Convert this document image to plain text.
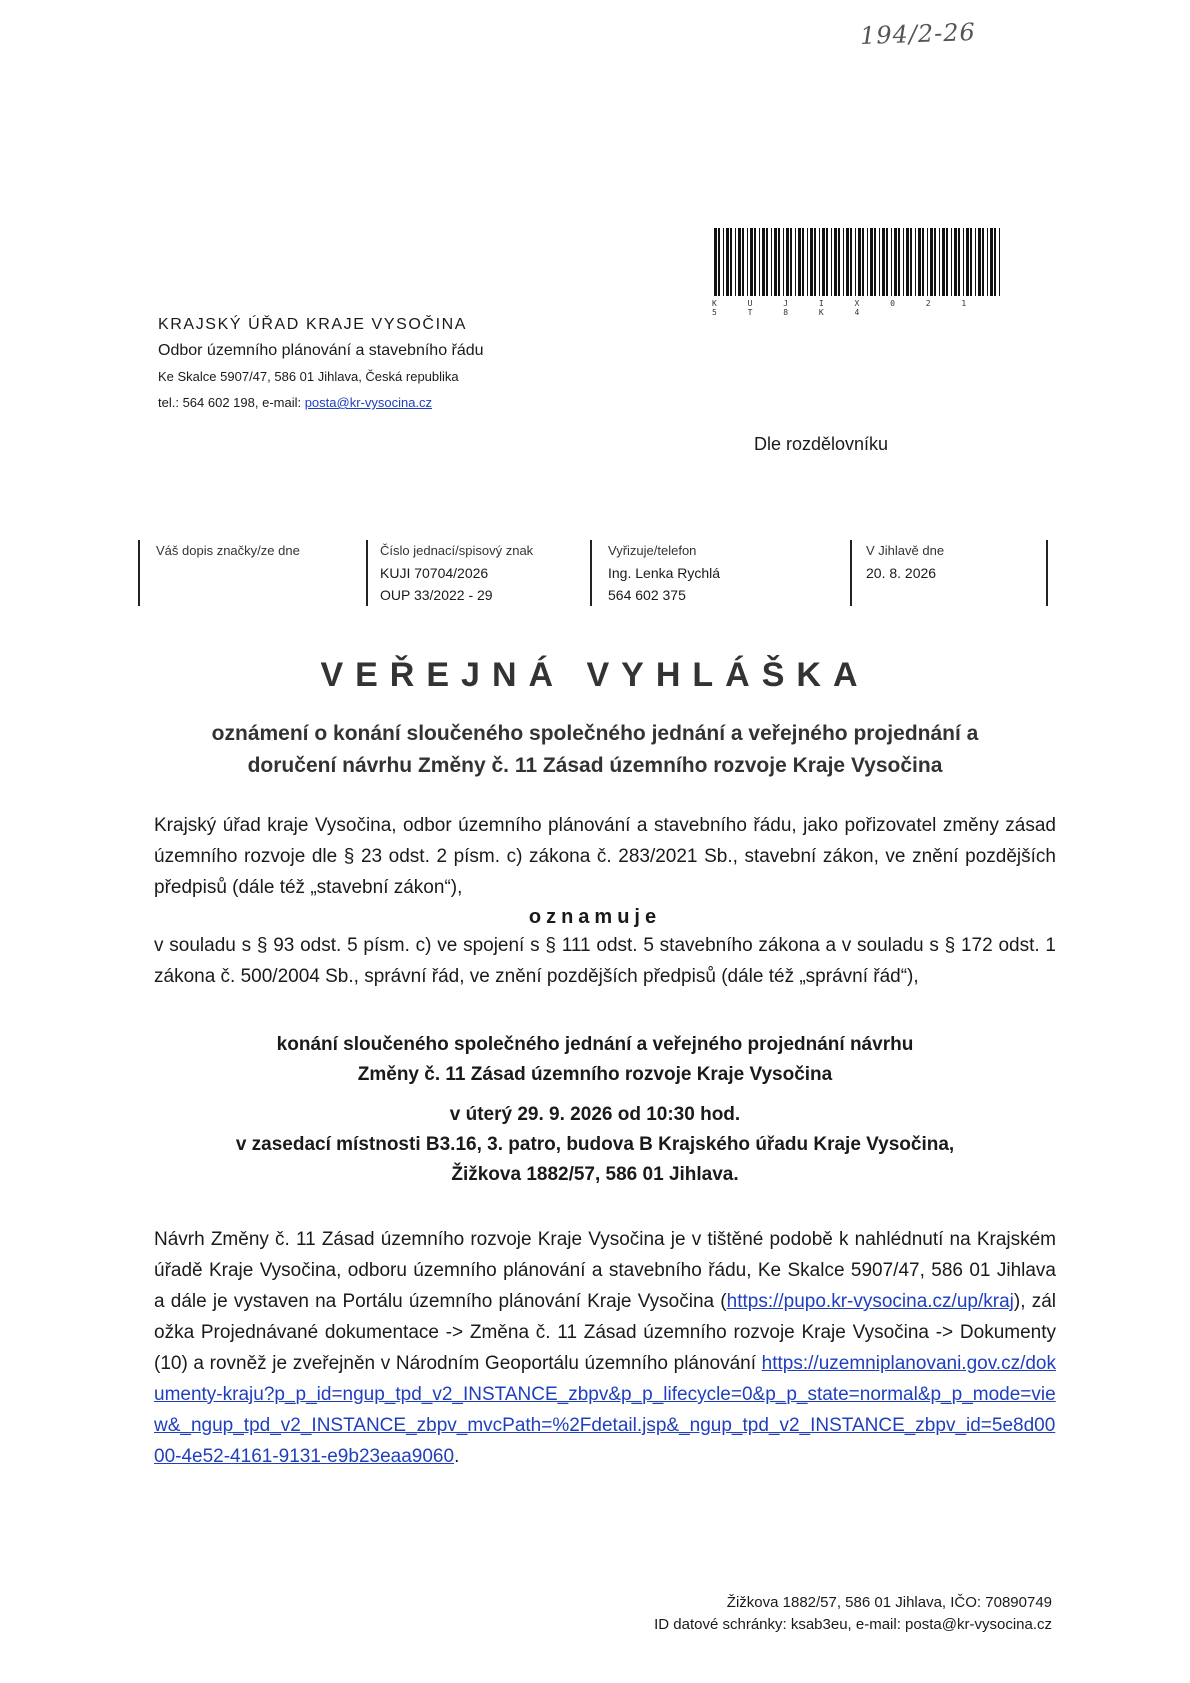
194/2-26
K U J I X 0 2 1 5 T 8 K 4
KRAJSKÝ ÚŘAD KRAJE VYSOČINA
Odbor územního plánování a stavebního řádu
Ke Skalce 5907/47, 586 01 Jihlava, Česká republika
tel.: 564 602 198, e-mail: posta@kr-vysocina.cz
Dle rozdělovníku
Váš dopis značky/ze dne	Číslo jednací/spisový znak
KUJI 70704/2026
OUP 33/2022 - 29
Vyřizuje/telefon
Ing. Lenka Rychlá
564 602 375
V Jihlavě dne
20. 8. 2026
VEŘEJNÁ VYHLÁŠKA
oznámení o konání sloučeného společného jednání a veřejného projednání a
doručení návrhu Změny č. 11 Zásad územního rozvoje Kraje Vysočina
Krajský úřad kraje Vysočina, odbor územního plánování a stavebního řádu, jako pořizovatel změny zásad územního rozvoje dle § 23 odst. 2 písm. c) zákona č. 283/2021 Sb., stavební zákon, ve znění pozdějších předpisů (dále též „stavební zákon“),
oznamuje
v souladu s § 93 odst. 5 písm. c) ve spojení s § 111 odst. 5 stavebního zákona a v souladu s § 172 odst. 1 zákona č. 500/2004 Sb., správní řád, ve znění pozdějších předpisů (dále též „správní řád“),
konání sloučeného společného jednání a veřejného projednání návrhu
Změny č. 11 Zásad územního rozvoje Kraje Vysočina
v úterý 29. 9. 2026 od 10:30 hod.
v zasedací místnosti B3.16, 3. patro, budova B Krajského úřadu Kraje Vysočina,
Žižkova 1882/57, 586 01 Jihlava.
Návrh Změny č. 11 Zásad územního rozvoje Kraje Vysočina je v tištěné podobě k nahlédnutí na Krajském úřadě Kraje Vysočina, odboru územního plánování a stavebního řádu, Ke Skalce 5907/47, 586 01 Jihlava a dále je vystaven na Portálu územního plánování Kraje Vysočina (https://pupo.kr-vysocina.cz/up/kraj), záložka Projednávané dokumentace -> Změna č. 11 Zásad územního rozvoje Kraje Vysočina -> Dokumenty (10) a rovněž je zveřejněn v Národním Geoportálu územního plánování https://uzemniplanovani.gov.cz/dokumenty-kraju?p_p_id=ngup_tpd_v2_INSTANCE_zbpv&p_p_lifecycle=0&p_p_state=normal&p_p_mode=view&_ngup_tpd_v2_INSTANCE_zbpv_mvcPath=%2Fdetail.jsp&_ngup_tpd_v2_INSTANCE_zbpv_id=5e8d0000-4e52-4161-9131-e9b23eaa9060.
Žižkova 1882/57, 586 01 Jihlava, IČO: 70890749
ID datové schránky: ksab3eu, e-mail: posta@kr-vysocina.cz
